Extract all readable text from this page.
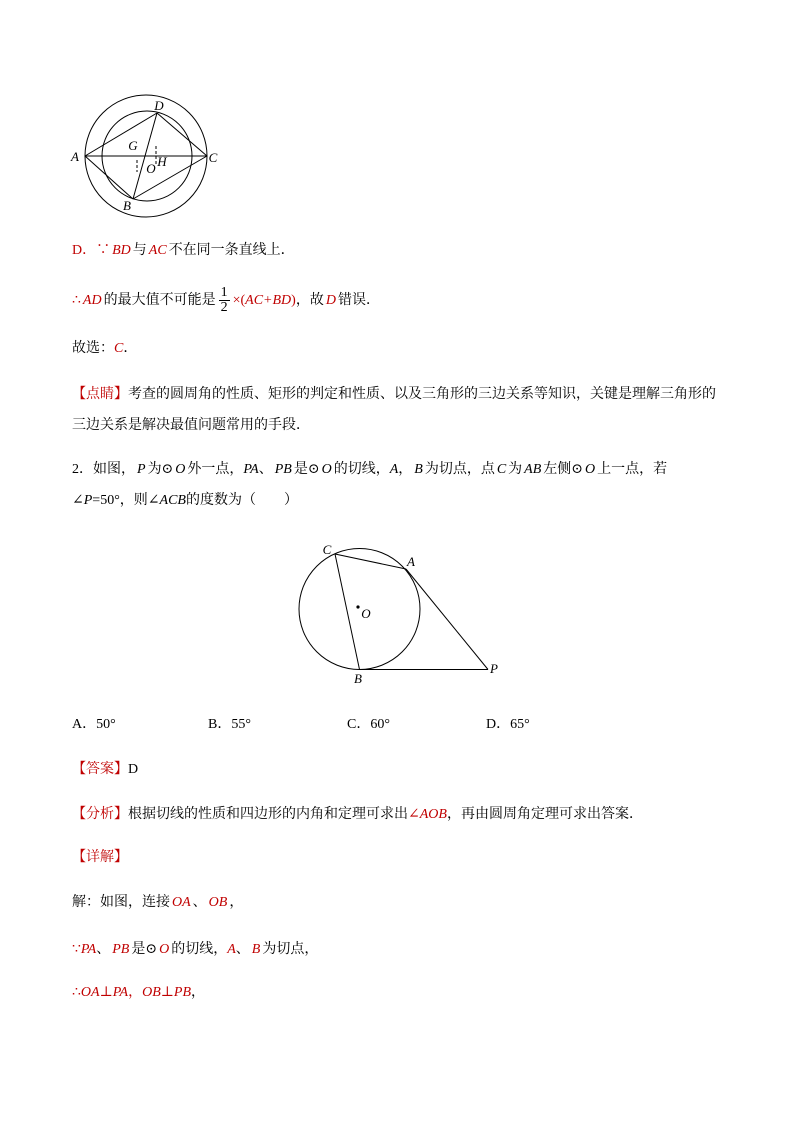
A	C
D
B
G
H
O
D．∵ BD 与 AC 不在同一条直线上．
∴ AD 的最大值不可能是 $\frac{1}{2}$ ×( AC+BD ) ，故 D 错误．
故选： C ．
【点睛】 考查的圆周角的性质、矩形的判定和性质、以及三角形的三边关系等知识，关键是理解三角形的
三边关系是解决最值问题常用的手段．
2．如图， P 为⊙ O 外一点， PA 、 PB 是⊙ O 的切线， A ， B 为切点，点 C 为 AB 左侧⊙ O 上一点，若
∠ P =50°，则∠ ACB 的度数为（　　）
C
A
O
B
P
A．50°	B．55°	C．60°	D．65°
【答案】 D
【分析】 根据切线的性质和四边形的内角和定理可求出 ∠AOB ，再由圆周角定理可求出答案．
【详解】
解：如图，连接 OA 、 OB ，
∵ PA 、 PB 是⊙ O 的切线， A 、 B 为切点，
∴ OA ⊥ PA ， OB ⊥ PB ，
